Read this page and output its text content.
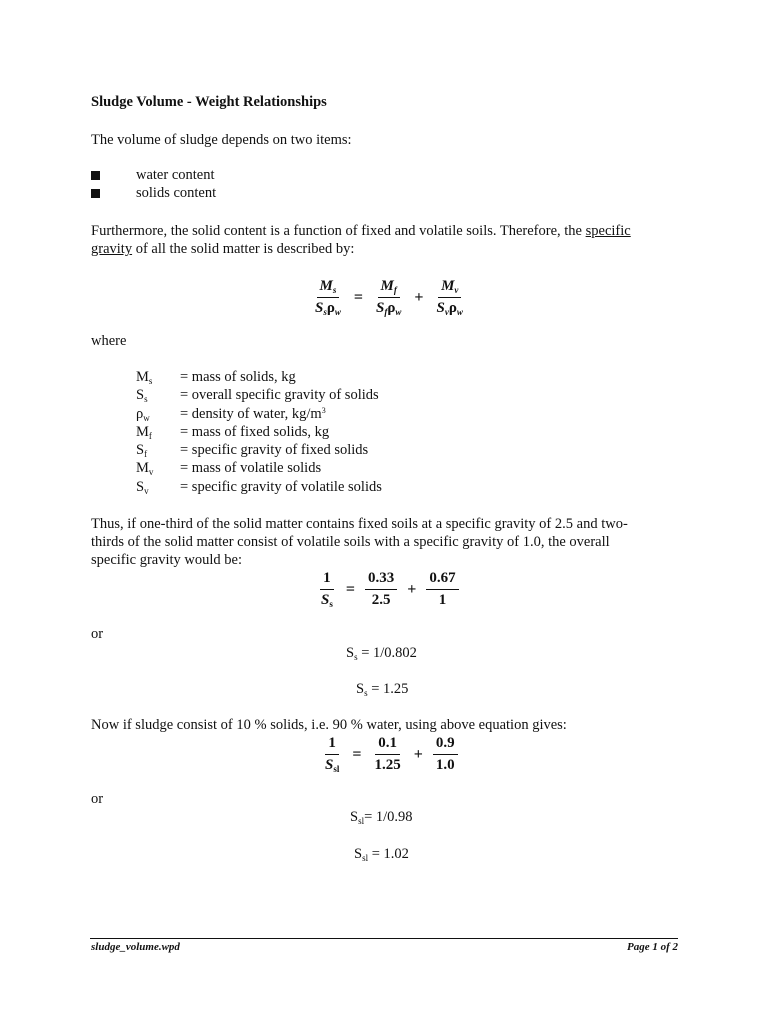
Sludge Volume - Weight Relationships
The volume of sludge depends on two items:
water content
solids content
Furthermore, the solid content is a function of fixed and volatile soils. Therefore, the specific
gravity of all the solid matter is described by:
$\frac{M_s}{S_s\rho_w} = \frac{M_f}{S_f\rho_w} + \frac{M_v}{S_v\rho_w}$
where
$M_s$ = mass of solids, kg
$S_s$ = overall specific gravity of solids
$\rho_w$ = density of water, $kg/m^3$
$M_f$ = mass of fixed solids, kg
$S_f$ = specific gravity of fixed solids
$M_v$ = mass of volatile solids
$S_v$ = specific gravity of volatile solids
Thus, if one-third of the solid matter contains fixed soils at a specific gravity of 2.5 and two-
thirds of the solid matter consist of volatile soils with a specific gravity of 1.0, the overall
specific gravity would be:
$\frac{1}{S_s} = \frac{0.33}{2.5} + \frac{0.67}{1}$
or
$S_s = 1/0.802$
$S_s = 1.25$
Now if sludge consist of 10 % solids, i.e. 90 % water, using above equation gives:
$\frac{1}{S_{sl}} = \frac{0.1}{1.25} + \frac{0.9}{1.0}$
or
$S_{sl}= 1/0.98$
$S_{sl} = 1.02$
sludge_volume.wpd	Page 1 of 2
